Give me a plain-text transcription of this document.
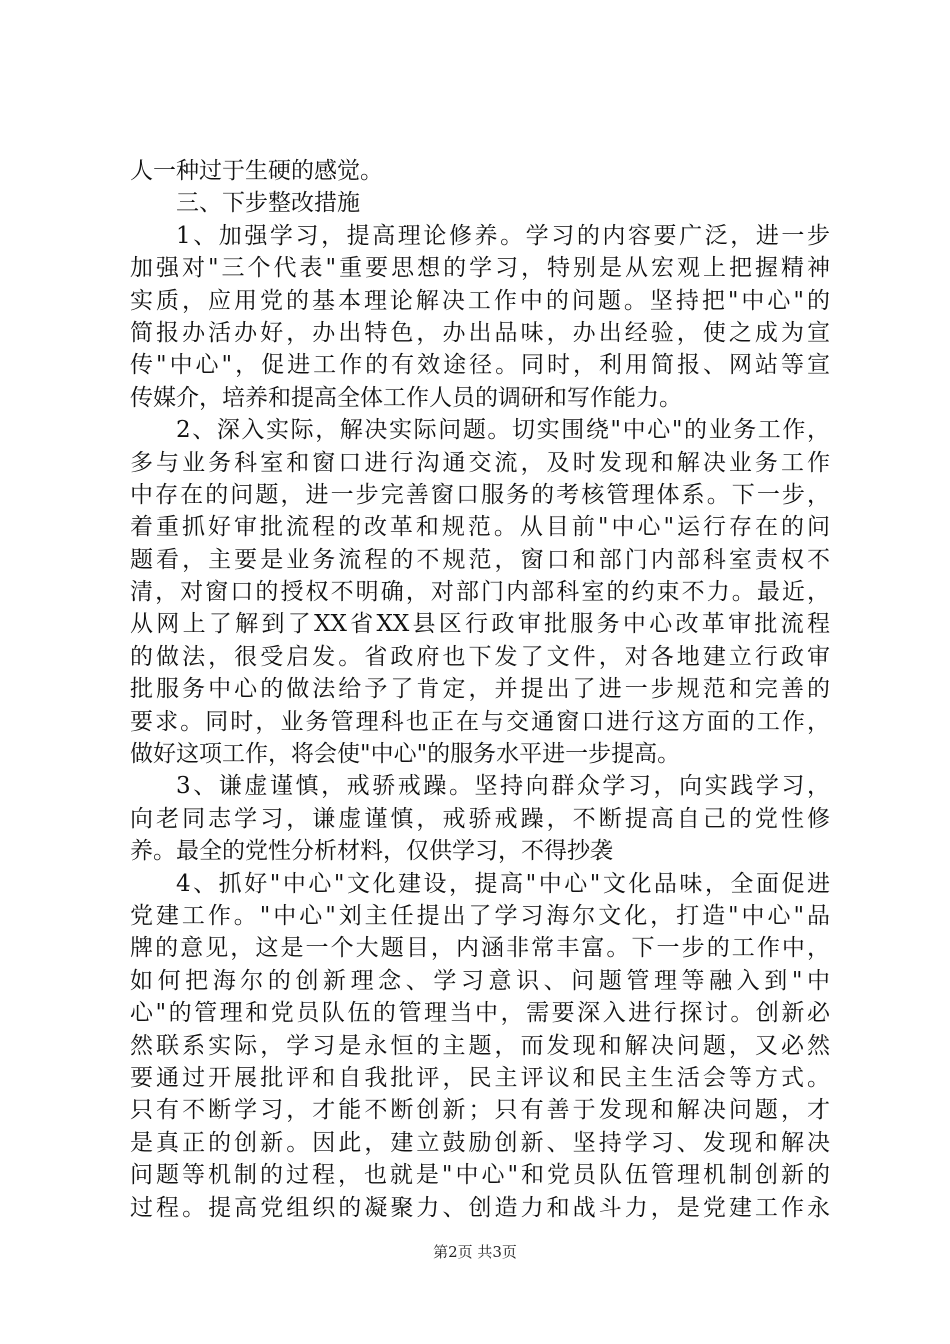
人一种过于生硬的感觉。
三、下步整改措施
1、加强学习，提高理论修养。学习的内容要广泛，进一步
加强对"三个代表"重要思想的学习，特别是从宏观上把握精神
实质，应用党的基本理论解决工作中的问题。坚持把"中心"的
简报办活办好，办出特色，办出品味，办出经验，使之成为宣
传"中心"，促进工作的有效途径。同时，利用简报、网站等宣
传媒介，培养和提高全体工作人员的调研和写作能力。
2、深入实际，解决实际问题。切实围绕"中心"的业务工作，
多与业务科室和窗口进行沟通交流，及时发现和解决业务工作
中存在的问题，进一步完善窗口服务的考核管理体系。下一步，
着重抓好审批流程的改革和规范。从目前"中心"运行存在的问
题看，主要是业务流程的不规范，窗口和部门内部科室责权不
清，对窗口的授权不明确，对部门内部科室的约束不力。最近，
从网上了解到了XX省XX县区行政审批服务中心改革审批流程
的做法，很受启发。省政府也下发了文件，对各地建立行政审
批服务中心的做法给予了肯定，并提出了进一步规范和完善的
要求。同时，业务管理科也正在与交通窗口进行这方面的工作，
做好这项工作，将会使"中心"的服务水平进一步提高。
3、谦虚谨慎，戒骄戒躁。坚持向群众学习，向实践学习，
向老同志学习，谦虚谨慎，戒骄戒躁，不断提高自己的党性修
养。最全的党性分析材料，仅供学习，不得抄袭
4、抓好"中心"文化建设，提高"中心"文化品味，全面促进
党建工作。"中心"刘主任提出了学习海尔文化，打造"中心"品
牌的意见，这是一个大题目，内涵非常丰富。下一步的工作中，
如何把海尔的创新理念、学习意识、问题管理等融入到"中
心"的管理和党员队伍的管理当中，需要深入进行探讨。创新必
然联系实际，学习是永恒的主题，而发现和解决问题，又必然
要通过开展批评和自我批评，民主评议和民主生活会等方式。
只有不断学习，才能不断创新；只有善于发现和解决问题，才
是真正的创新。因此，建立鼓励创新、坚持学习、发现和解决
问题等机制的过程，也就是"中心"和党员队伍管理机制创新的
过程。提高党组织的凝聚力、创造力和战斗力，是党建工作永
第2页 共3页
